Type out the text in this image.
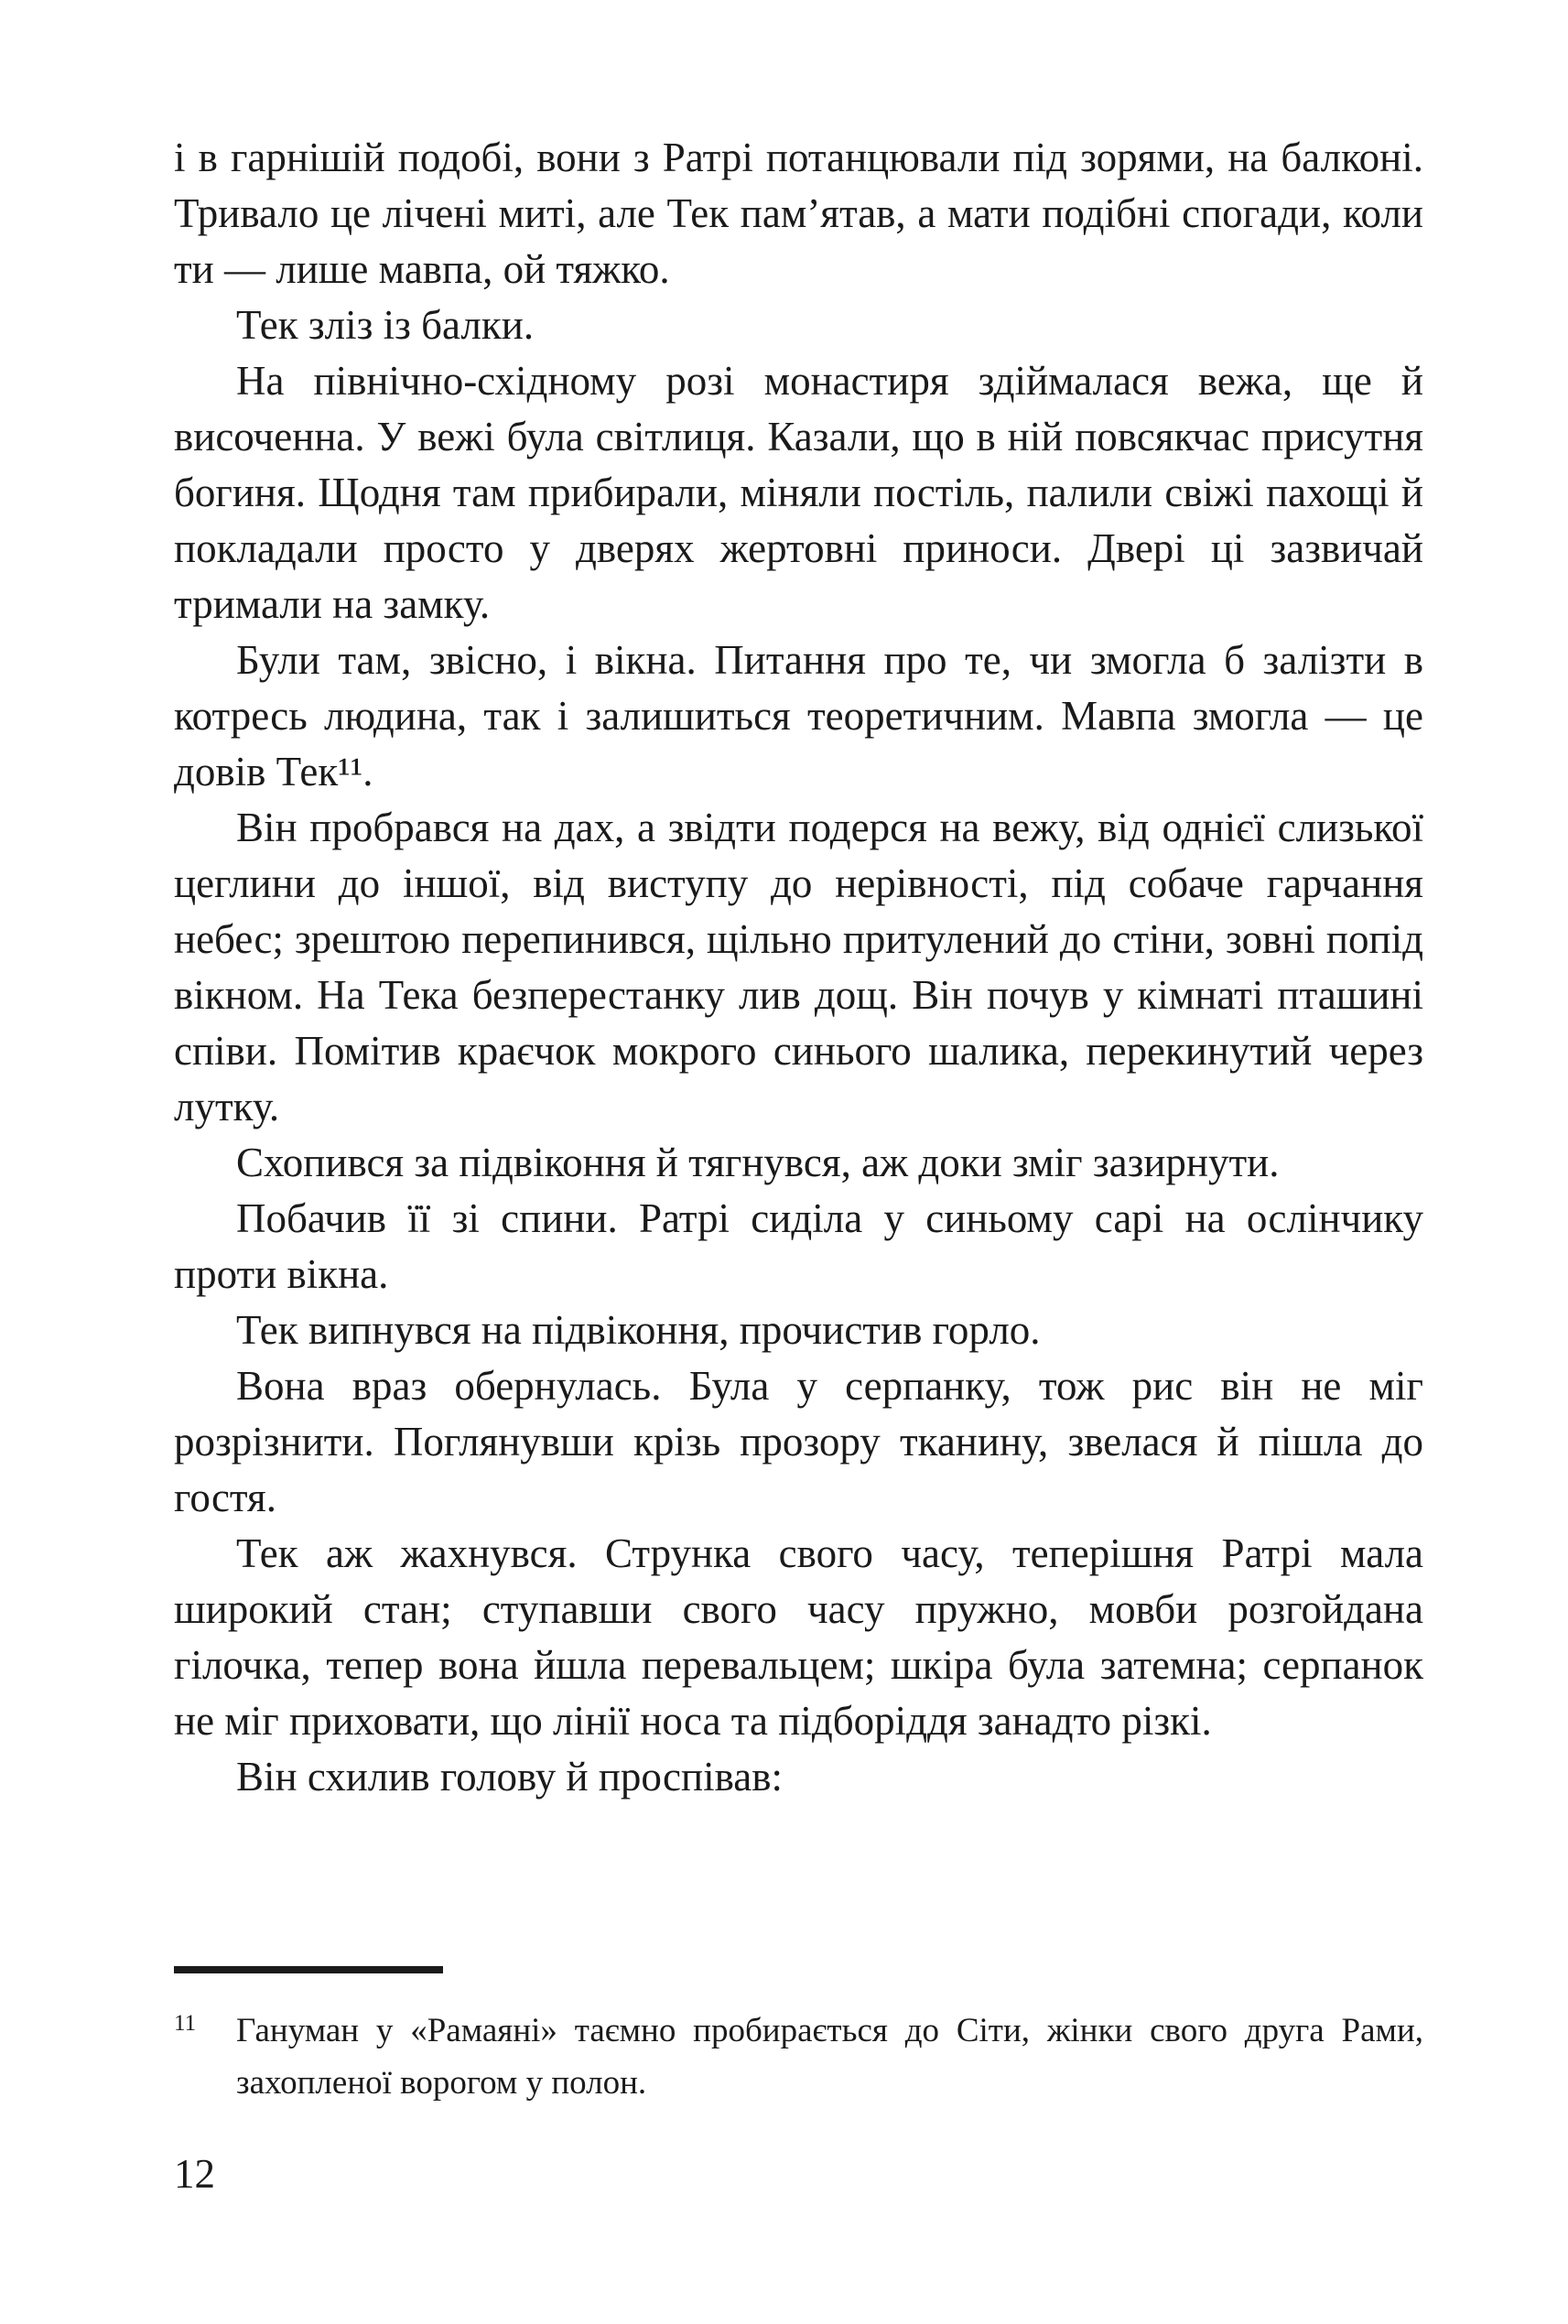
і в гарнішій подобі, вони з Ратрі потанцювали під зорями, на балконі. Тривало це лічені миті, але Тек пам’ятав, а мати подібні спогади, коли ти — лише мавпа, ой тяжко.

Тек зліз із балки.

На північно-східному розі монастиря здіймалася вежа, ще й височенна. У вежі була світлиця. Казали, що в ній повсякчас присутня богиня. Щодня там прибирали, міняли постіль, палили свіжі пахощі й покладали просто у дверях жертовні приноси. Двері ці зазвичай тримали на замку.

Були там, звісно, і вікна. Питання про те, чи змогла б залізти в котресь людина, так і залишиться теоретичним. Мавпа змогла — це довів Тек¹¹.

Він пробрався на дах, а звідти подерся на вежу, від однієї слизької цеглини до іншої, від виступу до нерівності, під собаче гарчання небес; зрештою перепинився, щільно притулений до стіни, зовні попід вікном. На Тека безперестанку лив дощ. Він почув у кімнаті пташині співи. Помітив краєчок мокрого синього шалика, перекинутий через лутку.

Схопився за підвіконня й тягнувся, аж доки зміг зазирнути.

Побачив її зі спини. Ратрі сиділа у синьому сарі на ослінчику проти вікна.

Тек випнувся на підвіконня, прочистив горло.

Вона враз обернулась. Була у серпанку, тож рис він не міг розрізнити. Поглянувши крізь прозору тканину, звелася й пішла до гостя.

Тек аж жахнувся. Струнка свого часу, теперішня Ратрі мала широкий стан; ступавши свого часу пружно, мовби розгойдана гілочка, тепер вона йшла перевальцем; шкіра була затемна; серпанок не міг приховати, що лінії носа та підборіддя занадто різкі.

Він схилив голову й проспівав:

11 Гануман у «Рамаяні» таємно пробирається до Сіти, жінки свого друга Рами, захопленої ворогом у полон.
12
